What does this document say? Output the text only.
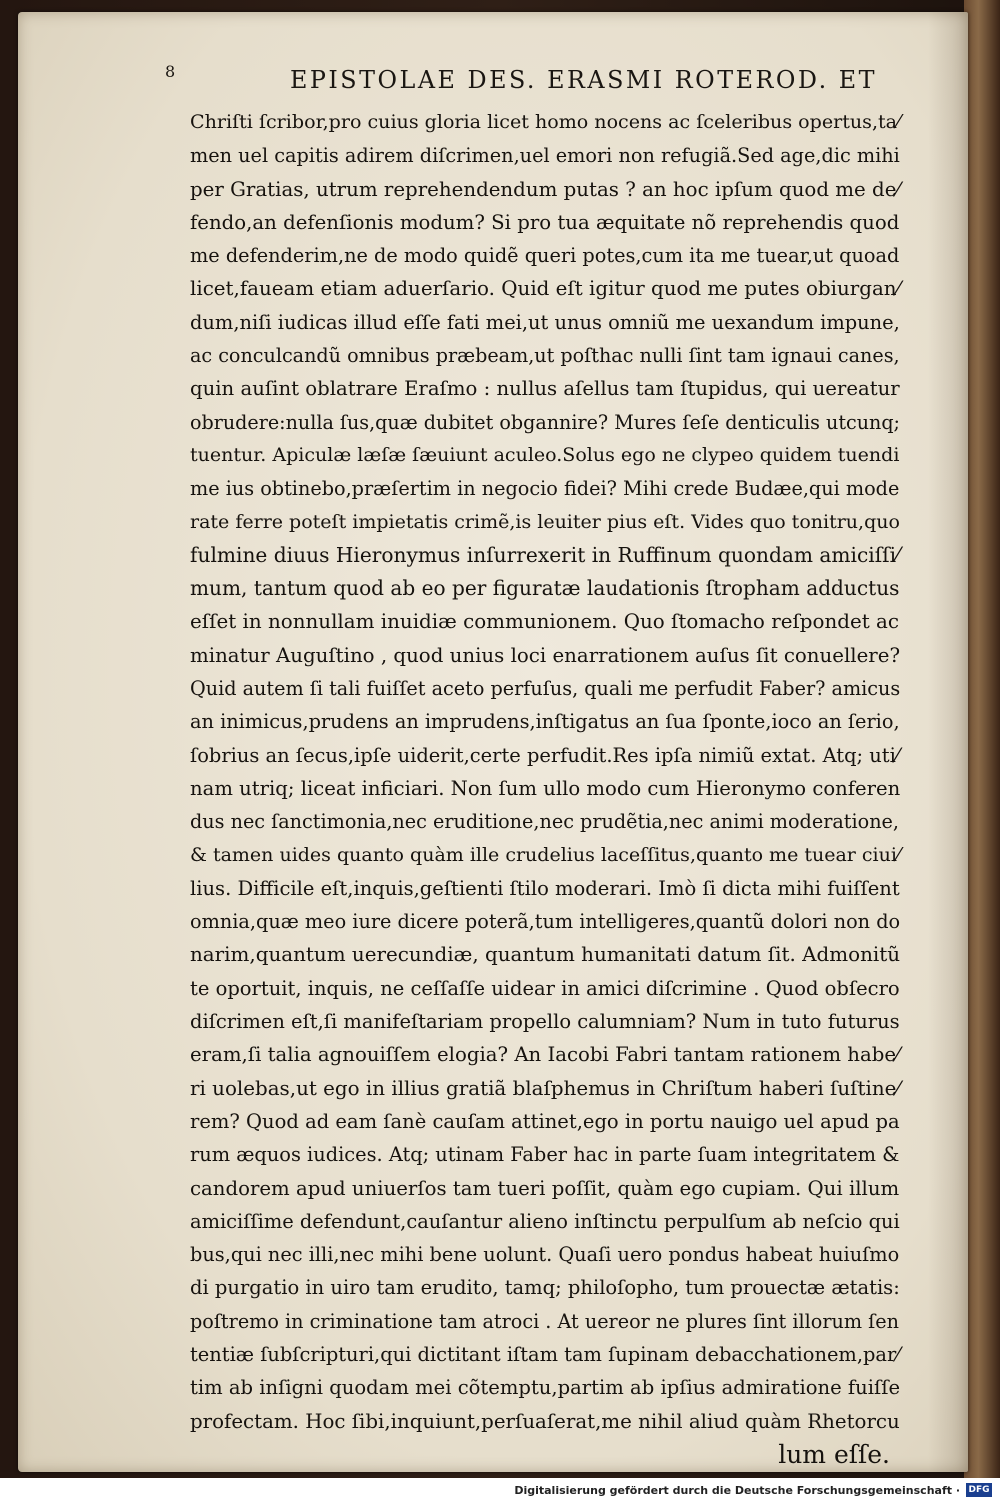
8	EPISTOLAE DES. ERASMI ROTEROD. ET
Chriſti ſcribor,pro cuius gloria licet homo nocens ac ſceleribus opertus,ta⁄
men uel capitis adirem diſcrimen,uel emori non refugiã.Sed age,dic mihi
per Gratias, utrum reprehendendum putas ? an hoc ipſum quod me de⁄
fendo,an defenſionis modum? Si pro tua æquitate nõ reprehendis quod
me defenderim,ne de modo quidẽ queri potes,cum ita me tuear,ut quoad
licet,faueam etiam aduerſario. Quid eſt igitur quod me putes obiurgan⁄
dum,niſi iudicas illud eſſe fati mei,ut unus omniũ me uexandum impune,
ac conculcandũ omnibus præbeam,ut poſthac nulli ſint tam ignaui canes,
quin auſint oblatrare Eraſmo : nullus aſellus tam ſtupidus, qui uereatur
obrudere:nulla ſus,quæ dubitet obgannire? Mures ſeſe denticulis utcunq;
tuentur. Apiculæ læſæ ſæuiunt aculeo.Solus ego ne clypeo quidem tuendi
me ius obtinebo,præſertim in negocio fidei? Mihi crede Budæe,qui mode
rate ferre poteſt impietatis crimẽ,is leuiter pius eſt. Vides quo tonitru,quo
fulmine diuus Hieronymus inſurrexerit in Ruffinum quondam amiciſſi⁄
mum, tantum quod ab eo per figuratæ laudationis ſtropham adductus
eſſet in nonnullam inuidiæ communionem. Quo ſtomacho reſpondet ac
minatur Auguſtino , quod unius loci enarrationem auſus ſit conuellere?
Quid autem ſi tali fuiſſet aceto perfuſus, quali me perfudit Faber? amicus
an inimicus,prudens an imprudens,inſtigatus an ſua ſponte,ioco an ſerio,
ſobrius an ſecus,ipſe uiderit,certe perfudit.Res ipſa nimiũ extat. Atq; uti⁄
nam utriq; liceat inficiari. Non ſum ullo modo cum Hieronymo conferen
dus nec ſanctimonia,nec eruditione,nec prudẽtia,nec animi moderatione,
& tamen uides quanto quàm ille crudelius laceſſitus,quanto me tuear ciui⁄
lius. Difficile eſt,inquis,geſtienti ſtilo moderari. Imò ſi dicta mihi fuiſſent
omnia,quæ meo iure dicere poterã,tum intelligeres,quantũ dolori non do
narim,quantum uerecundiæ, quantum humanitati datum ſit. Admonitũ
te oportuit, inquis, ne ceſſaſſe uidear in amici diſcrimine . Quod obſecro
diſcrimen eſt,ſi manifeſtariam propello calumniam? Num in tuto futurus
eram,ſi talia agnouiſſem elogia? An Iacobi Fabri tantam rationem habe⁄
ri uolebas,ut ego in illius gratiã blaſphemus in Chriſtum haberi ſuſtine⁄
rem? Quod ad eam ſanè cauſam attinet,ego in portu nauigo uel apud pa
rum æquos iudices. Atq; utinam Faber hac in parte ſuam integritatem &
candorem apud uniuerſos tam tueri poſſit, quàm ego cupiam. Qui illum
amiciſſime defendunt,cauſantur alieno inſtinctu perpulſum ab neſcio qui
bus,qui nec illi,nec mihi bene uolunt. Quaſi uero pondus habeat huiuſmo
di purgatio in uiro tam erudito, tamq; philoſopho, tum prouectæ ætatis:
poſtremo in criminatione tam atroci . At uereor ne plures ſint illorum ſen
tentiæ ſubſcripturi,qui dictitant iſtam tam ſupinam debacchationem,par⁄
tim ab inſigni quodam mei cõtemptu,partim ab ipſius admiratione fuiſſe
profectam. Hoc ſibi,inquiunt,perſuaſerat,me nihil aliud quàm Rhetorcu
lum eſſe.
Digitalisierung gefördert durch die Deutsche Forschungsgemeinschaft · DFG
